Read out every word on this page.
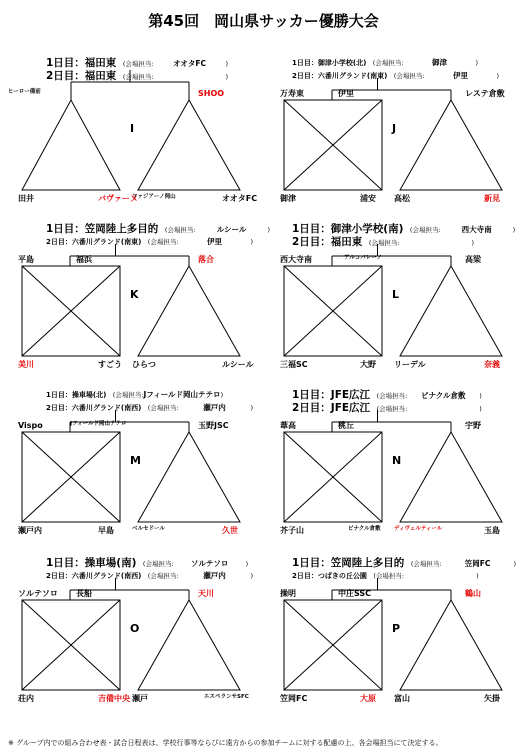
第45回　岡山県サッカー優勝大会
1日目：福田東　(会場担当:	オオタFC	)
2日目：福田東　(会場担当:	)
I
ヒーロー備前	SHOO
田井	バヴァーヌ
ファジアーノ岡山	オオタFC
1日目：御津小学校(北)　(会場担当:	御津	)
2日目：六番川グランド(南東)　(会場担当:	伊里	)
J
万寿東	伊里	レステ倉敷
御津	浦安 高松	新見
1日目：笠岡陸上多目的　(会場担当:	ルシール	)
2日目：六番川グランド(南東)　(会場担当:	伊里	)
K
平島	福浜	落合
美川	すごう ひらつ	ルシール
1日目：御津小学校(南)　(会場担当:	西大寺南	)
2日目：福田東　(会場担当:	)
L
西大寺南	アルコバレーノ	高梁
三福SC	大野 リーデル	奈義
1日目：操車場(北)　(会場担当:Jフィールド岡山テテロ)
2日目：六番川グランド(南西)　(会場担当:	瀬戸内	)
M
Vispo	Jフィールド岡山テテロ	玉野JSC
瀬戸内	早島	ベルセドール	久世
1日目：JFE広江　(会場担当: ピナクル倉敷 )
2日目：JFE広江　(会場担当:	)
N
葦高	桃丘	宇野
芥子山	ピナクル倉敷 ディヴェルティール	玉島
1日目：操車場(南)　(会場担当: ソルテソロ	)
2日目：六番川グランド(南西)　(会場担当:	瀬戸内	)
O
ソルテソロ 長船	天川
荘内	吉備中央 瀬戸	エスペランサSFC
1日目：笠岡陸上多目的　(会場担当:	笠岡FC	)
2日目：つばきの丘公園　(会場担当:	)
P
操明	中庄SSC	鶴山
笠岡FC	大原 富山	矢掛
※ グループ内での組み合わせ表・試合日程表は、学校行事等ならびに遠方からの参加チームに対する配慮の上、各会場担当にて決定する。
